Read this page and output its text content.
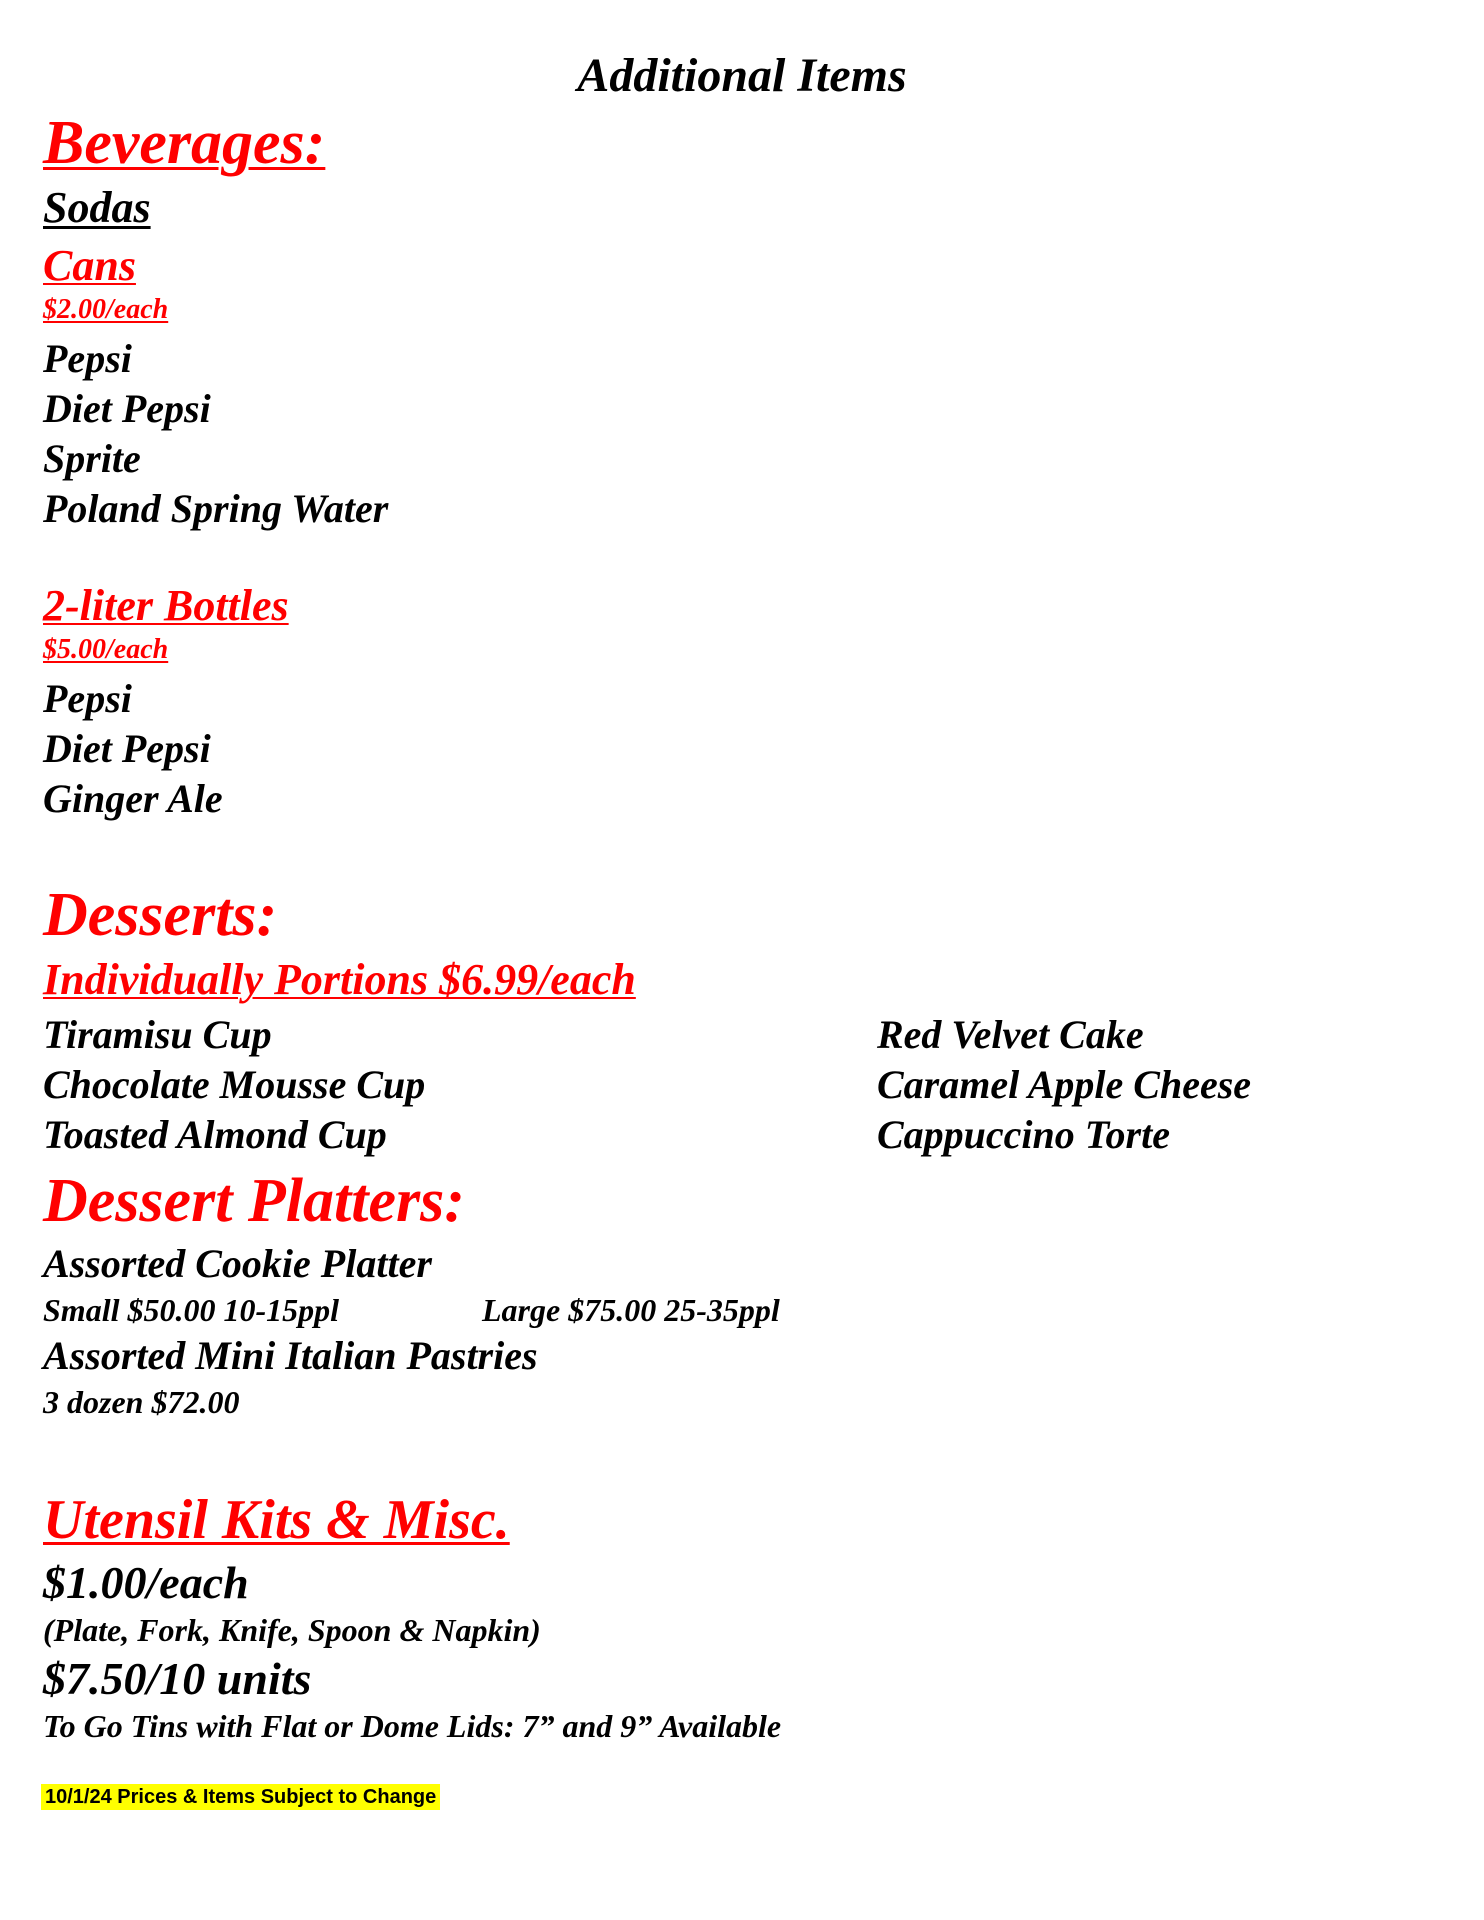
Additional Items
Beverages:
Sodas
Cans
$2.00/each
Pepsi
Diet Pepsi
Sprite
Poland Spring Water
2-liter Bottles
$5.00/each
Pepsi
Diet Pepsi
Ginger Ale
Desserts:
Individually Portions $6.99/each
Tiramisu Cup
Chocolate Mousse Cup
Toasted Almond Cup
Red Velvet Cake
Caramel Apple Cheese
Cappuccino Torte
Dessert Platters:
Assorted Cookie Platter
Small $50.00 10-15ppl	Large $75.00 25-35ppl
Assorted Mini Italian Pastries
3 dozen $72.00
Utensil Kits & Misc.
$1.00/each
(Plate, Fork, Knife, Spoon & Napkin)
$7.50/10 units
To Go Tins with Flat or Dome Lids: 7” and 9” Available
10/1/24 Prices & Items Subject to Change
